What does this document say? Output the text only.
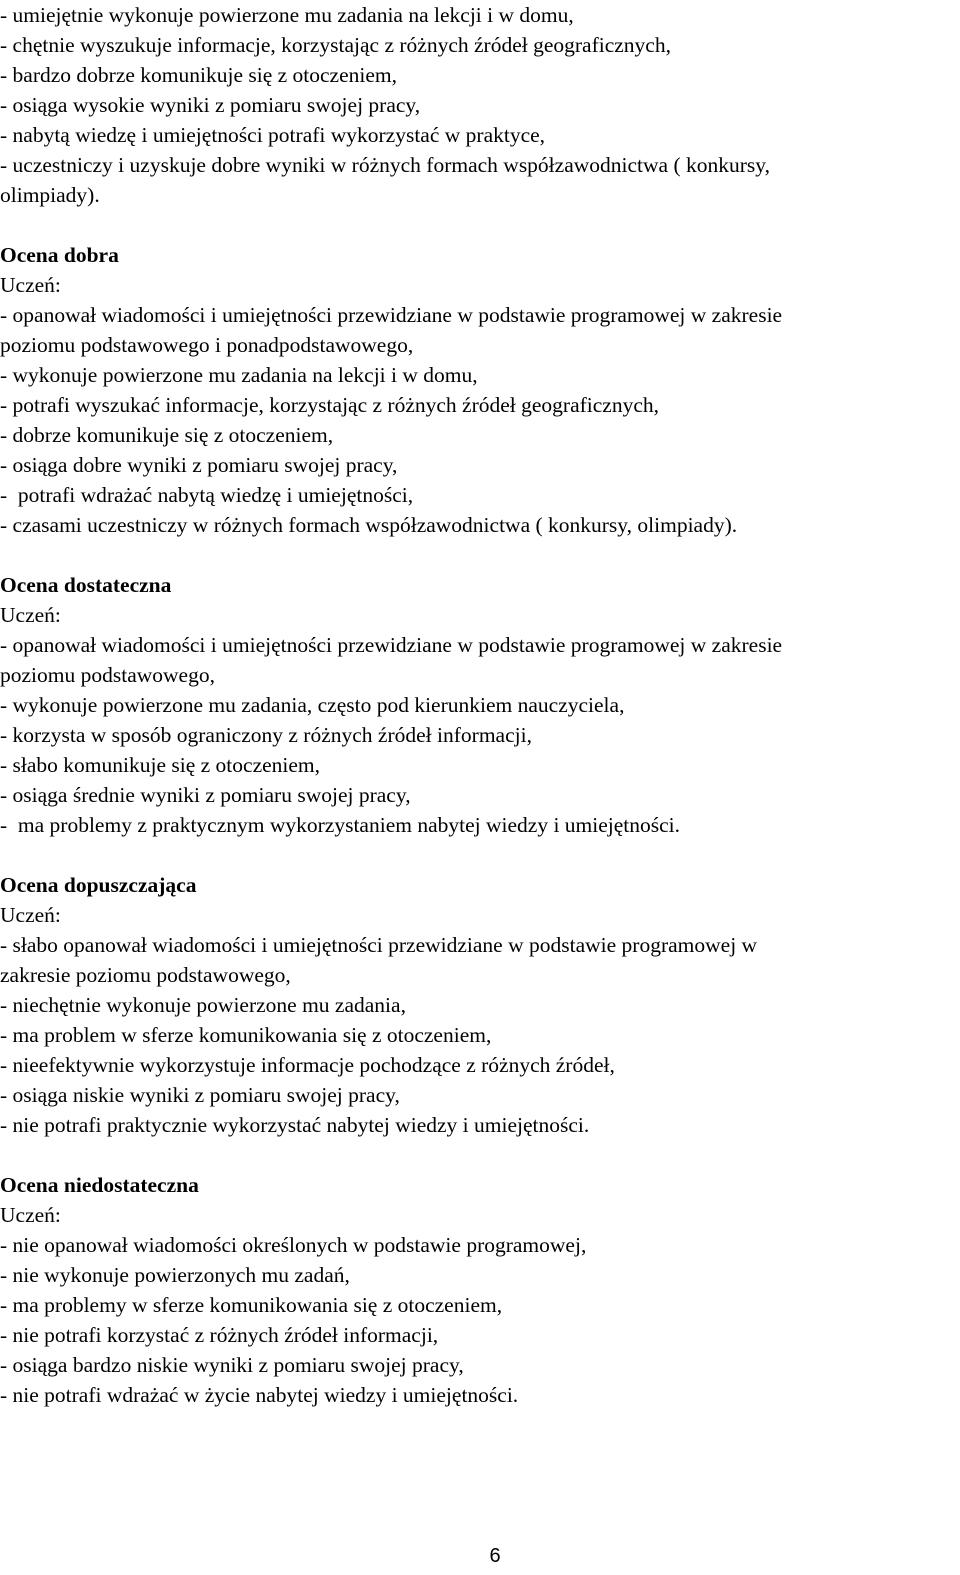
- umiejętnie wykonuje powierzone mu zadania na lekcji i w domu,
- chętnie wyszukuje informacje, korzystając z różnych źródeł geograficznych,
- bardzo dobrze komunikuje się z otoczeniem,
- osiąga wysokie wyniki z pomiaru swojej pracy,
- nabytą wiedzę i umiejętności potrafi wykorzystać w praktyce,
- uczestniczy i uzyskuje dobre wyniki w różnych formach współzawodnictwa ( konkursy,
olimpiady).
Ocena dobra
Uczeń:
- opanował wiadomości i umiejętności przewidziane w podstawie programowej w zakresie
poziomu podstawowego i ponadpodstawowego,
- wykonuje powierzone mu zadania na lekcji i w domu,
- potrafi wyszukać informacje, korzystając z różnych źródeł geograficznych,
- dobrze komunikuje się z otoczeniem,
- osiąga dobre wyniki z pomiaru swojej pracy,
-  potrafi wdrażać nabytą wiedzę i umiejętności,
- czasami uczestniczy w różnych formach współzawodnictwa ( konkursy, olimpiady).
Ocena dostateczna
Uczeń:
- opanował wiadomości i umiejętności przewidziane w podstawie programowej w zakresie
poziomu podstawowego,
- wykonuje powierzone mu zadania, często pod kierunkiem nauczyciela,
- korzysta w sposób ograniczony z różnych źródeł informacji,
- słabo komunikuje się z otoczeniem,
- osiąga średnie wyniki z pomiaru swojej pracy,
-  ma problemy z praktycznym wykorzystaniem nabytej wiedzy i umiejętności.
Ocena dopuszczająca
Uczeń:
- słabo opanował wiadomości i umiejętności przewidziane w podstawie programowej w
zakresie poziomu podstawowego,
- niechętnie wykonuje powierzone mu zadania,
- ma problem w sferze komunikowania się z otoczeniem,
- nieefektywnie wykorzystuje informacje pochodzące z różnych źródeł,
- osiąga niskie wyniki z pomiaru swojej pracy,
- nie potrafi praktycznie wykorzystać nabytej wiedzy i umiejętności.
Ocena niedostateczna
Uczeń:
- nie opanował wiadomości określonych w podstawie programowej,
- nie wykonuje powierzonych mu zadań,
- ma problemy w sferze komunikowania się z otoczeniem,
- nie potrafi korzystać z różnych źródeł informacji,
- osiąga bardzo niskie wyniki z pomiaru swojej pracy,
- nie potrafi wdrażać w życie nabytej wiedzy i umiejętności.
6
